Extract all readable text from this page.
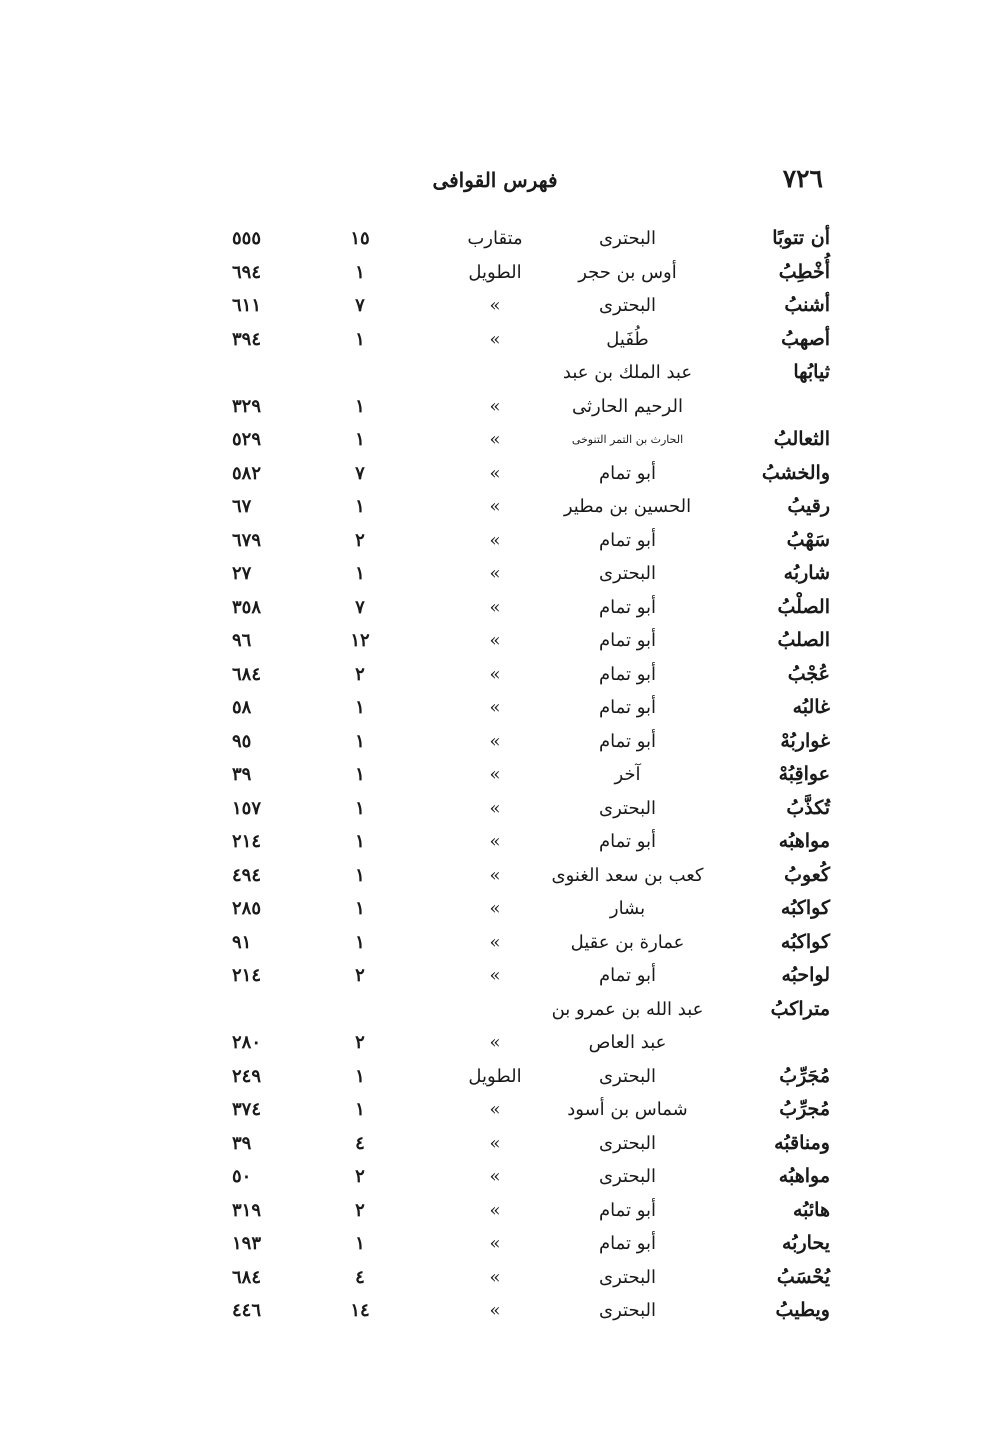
٧٢٦
فهرس القوافى
أن تتوبًا
البحترى
متقارب
١٥
٥٥٥
أُخْطِبُ
أوس بن حجر
الطويل
١
٦٩٤
أشنبُ
البحترى
»
٧
٦١١
أصهبُ
طُفَيل
»
١
٣٩٤
ثيابُها
عبد الملك بن عبد
الرحيم الحارثى
»
١
٣٢٩
الثعالبُ
الحارث بن التمر التنوخى
»
١
٥٢٩
والخشبُ
أبو تمام
»
٧
٥٨٢
رقيبُ
الحسين بن مطير
»
١
٦٧
سَهْبُ
أبو تمام
»
٢
٦٧٩
شاربُه
البحترى
»
١
٢٧
الصلْبُ
أبو تمام
»
٧
٣٥٨
الصلبُ
أبو تمام
»
١٢
٩٦
عُجْبُ
أبو تمام
»
٢
٦٨٤
غالبُه
أبو تمام
»
١
٥٨
غواربُهْ
أبو تمام
»
١
٩٥
عواقِبُهْ
آخر
»
١
٣٩
تُكذَّبُ
البحترى
»
١
١٥٧
مواهبُه
أبو تمام
»
١
٢١٤
كُعوبُ
كعب بن سعد الغنوى
»
١
٤٩٤
كواكبُه
بشار
»
١
٢٨٥
كواكبُه
عمارة بن عقيل
»
١
٩١
لواحبُه
أبو تمام
»
٢
٢١٤
متراكبُ
عبد الله بن عمرو بن
عبد العاص
»
٢
٢٨٠
مُجَرِّبُ
البحترى
الطويل
١
٢٤٩
مُجرِّبُ
شماس بن أسود
»
١
٣٧٤
ومناقبُه
البحترى
»
٤
٣٩
مواهبُه
البحترى
»
٢
٥٠
هائبُه
أبو تمام
»
٢
٣١٩
يحاربُه
أبو تمام
»
١
١٩٣
يُحْسَبُ
البحترى
»
٤
٦٨٤
ويطيبُ
البحترى
»
١٤
٤٤٦
